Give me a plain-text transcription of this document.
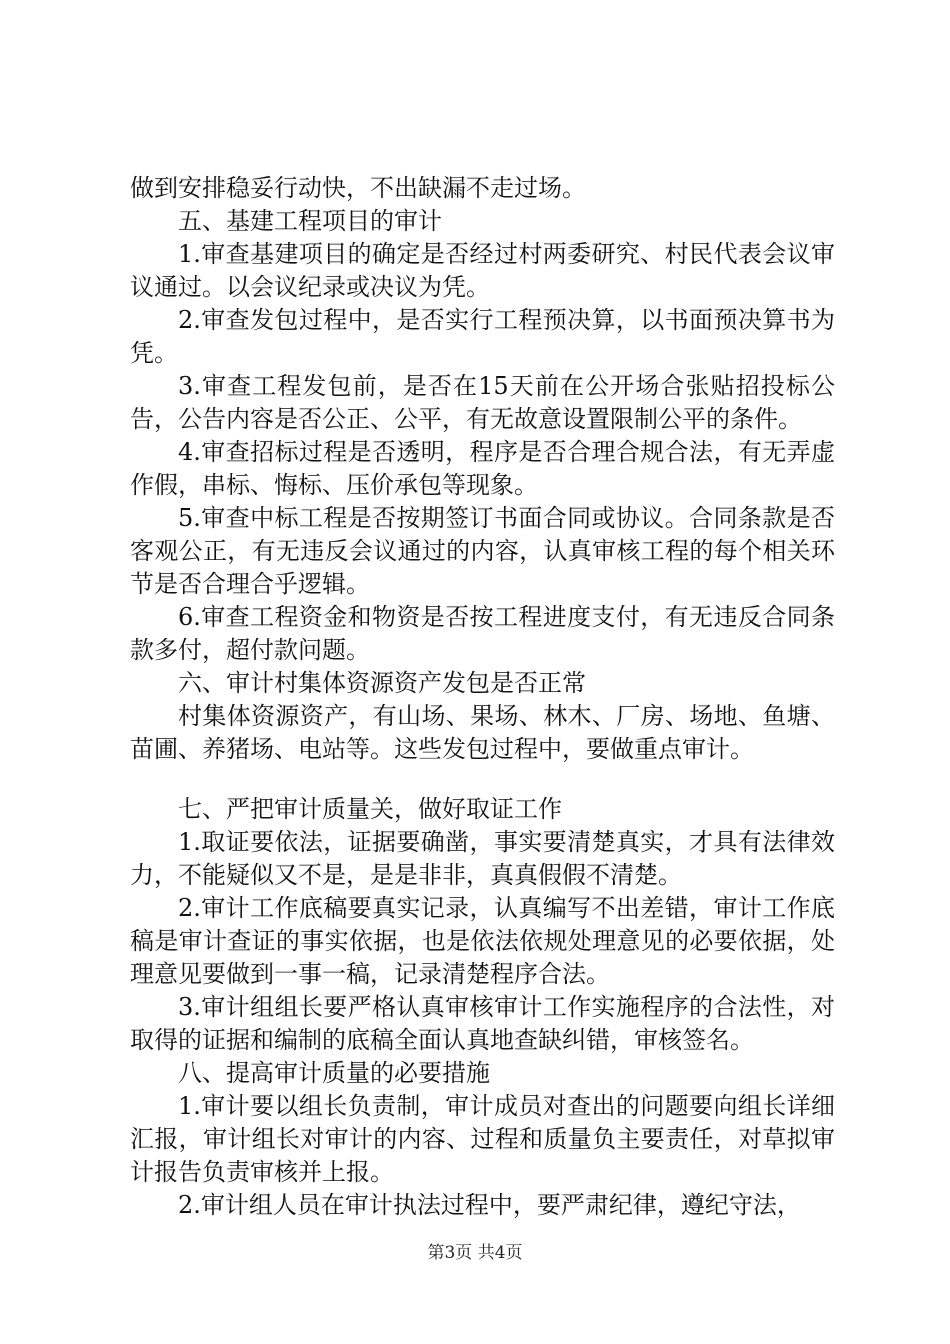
做到安排稳妥行动快，不出缺漏不走过场。

五、基建工程项目的审计

1.审查基建项目的确定是否经过村两委研究、村民代表会议审议通过。以会议纪录或决议为凭。

2.审查发包过程中，是否实行工程预决算，以书面预决算书为凭。

3.审查工程发包前，是否在15天前在公开场合张贴招投标公告，公告内容是否公正、公平，有无故意设置限制公平的条件。

4.审查招标过程是否透明，程序是否合理合规合法，有无弄虚作假，串标、悔标、压价承包等现象。

5.审查中标工程是否按期签订书面合同或协议。合同条款是否客观公正，有无违反会议通过的内容，认真审核工程的每个相关环节是否合理合乎逻辑。

6.审查工程资金和物资是否按工程进度支付，有无违反合同条款多付，超付款问题。

六、审计村集体资源资产发包是否正常

村集体资源资产，有山场、果场、林木、厂房、场地、鱼塘、苗圃、养猪场、电站等。这些发包过程中，要做重点审计。

七、严把审计质量关，做好取证工作

1.取证要依法，证据要确凿，事实要清楚真实，才具有法律效力，不能疑似又不是，是是非非，真真假假不清楚。

2.审计工作底稿要真实记录，认真编写不出差错，审计工作底稿是审计查证的事实依据，也是依法依规处理意见的必要依据，处理意见要做到一事一稿，记录清楚程序合法。

3.审计组组长要严格认真审核审计工作实施程序的合法性，对取得的证据和编制的底稿全面认真地查缺纠错，审核签名。

八、提高审计质量的必要措施

1.审计要以组长负责制，审计成员对查出的问题要向组长详细汇报，审计组长对审计的内容、过程和质量负主要责任，对草拟审计报告负责审核并上报。

2.审计组人员在审计执法过程中，要严肃纪律，遵纪守法，

第3页 共4页
